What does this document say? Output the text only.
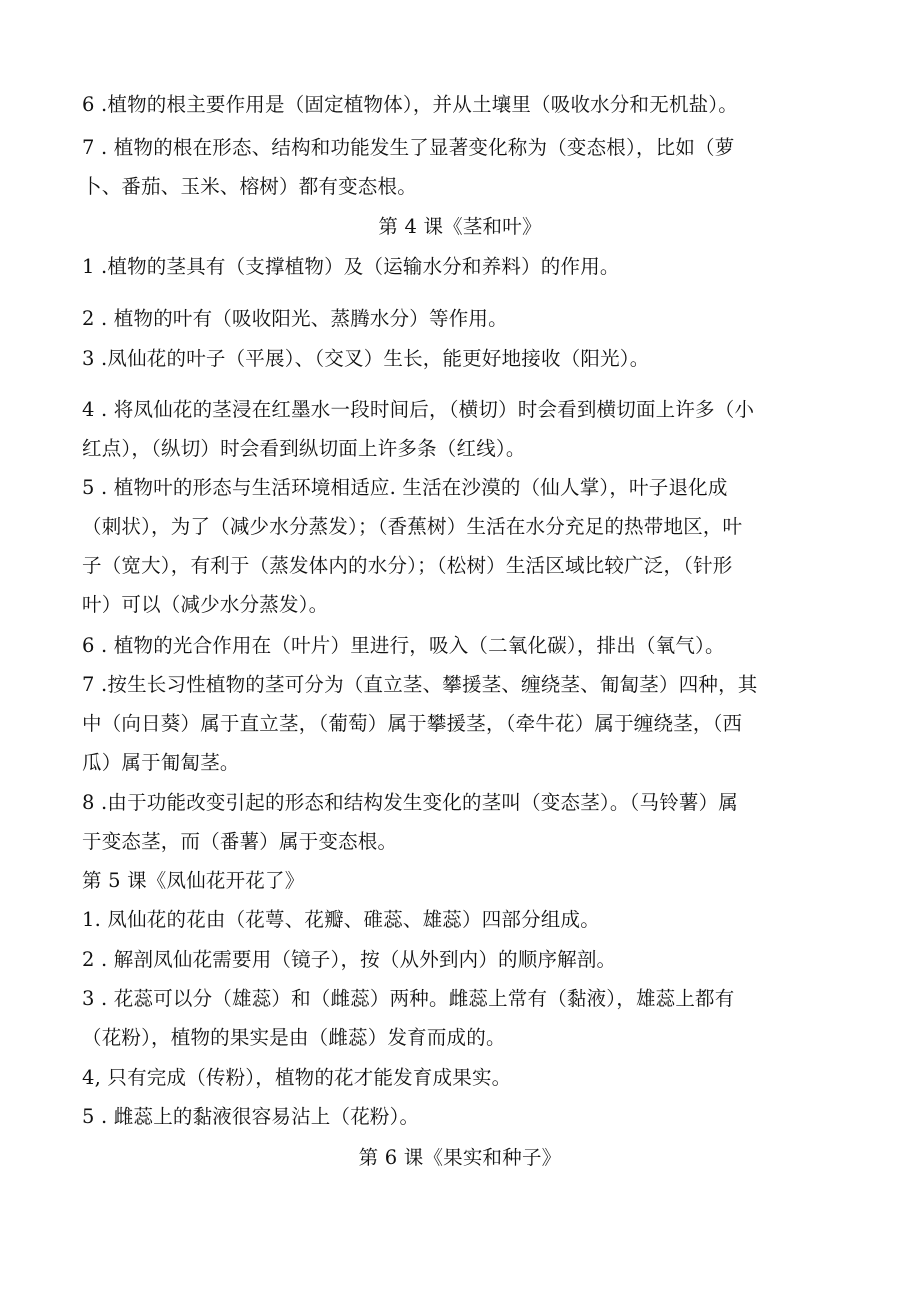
6 .植物的根主要作用是（固定植物体），并从土壤里（吸收水分和无机盐）。
7 . 植物的根在形态、结构和功能发生了显著变化称为（变态根），比如（萝
卜、番茄、玉米、榕树）都有变态根。
第 4 课《茎和叶》
1 .植物的茎具有（支撑植物）及（运输水分和养料）的作用。
2 . 植物的叶有（吸收阳光、蒸腾水分）等作用。
3 .凤仙花的叶子（平展）、（交叉）生长，能更好地接收（阳光）。
4 . 将凤仙花的茎浸在红墨水一段时间后，（横切）时会看到横切面上许多（小
红点），（纵切）时会看到纵切面上许多条（红线）。
5 . 植物叶的形态与生活环境相适应. 生活在沙漠的（仙人掌），叶子退化成
（刺状），为了（减少水分蒸发）；（香蕉树）生活在水分充足的热带地区，叶
子（宽大），有利于（蒸发体内的水分）；（松树）生活区域比较广泛，（针形
叶）可以（减少水分蒸发）。
6 . 植物的光合作用在（叶片）里进行，吸入（二氧化碳），排出（氧气）。
7 .按生长习性植物的茎可分为（直立茎、攀援茎、缠绕茎、匍匐茎）四种，其
中（向日葵）属于直立茎，（葡萄）属于攀援茎，（牵牛花）属于缠绕茎，（西
瓜）属于匍匐茎。
8 .由于功能改变引起的形态和结构发生变化的茎叫（变态茎）。（马铃薯）属
于变态茎，而（番薯）属于变态根。
第 5 课《凤仙花开花了》
1. 凤仙花的花由（花萼、花瓣、碓蕊、雄蕊）四部分组成。
2 . 解剖凤仙花需要用（镜子），按（从外到内）的顺序解剖。
3 . 花蕊可以分（雄蕊）和（雌蕊）两种。雌蕊上常有（黏液），雄蕊上都有
（花粉），植物的果实是由（雌蕊）发育而成的。
4, 只有完成（传粉），植物的花才能发育成果实。
5 . 雌蕊上的黏液很容易沾上（花粉）。
第 6 课《果实和种子》
